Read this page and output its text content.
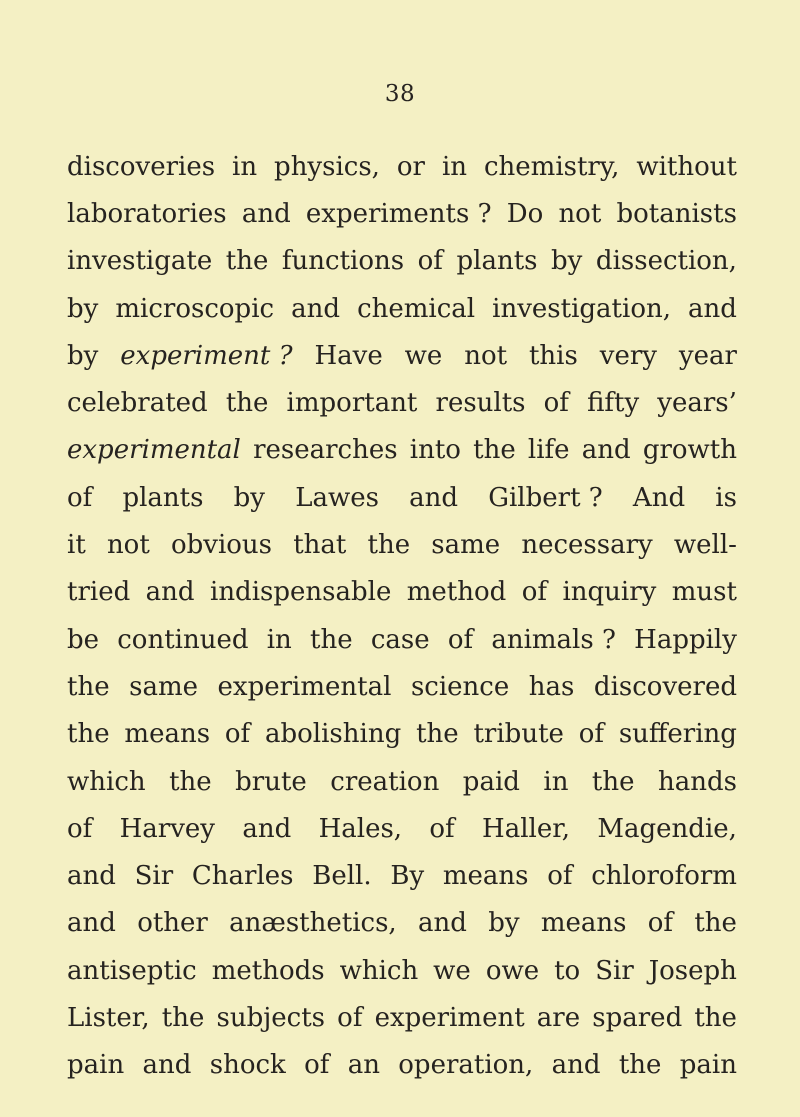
38
discoveries in physics, or in chemistry, without
laboratories and experiments ? Do not botanists
investigate the functions of plants by dissection,
by microscopic and chemical investigation, and
by experiment ? Have we not this very year
celebrated the important results of fifty years’
experimental researches into the life and growth
of plants by Lawes and Gilbert ? And is
it not obvious that the same necessary well-
tried and indispensable method of inquiry must
be continued in the case of animals ? Happily
the same experimental science has discovered
the means of abolishing the tribute of suffering
which the brute creation paid in the hands
of Harvey and Hales, of Haller, Magendie,
and Sir Charles Bell. By means of chloroform
and other anæsthetics, and by means of the
antiseptic methods which we owe to Sir Joseph
Lister, the subjects of experiment are spared the
pain and shock of an operation, and the pain
